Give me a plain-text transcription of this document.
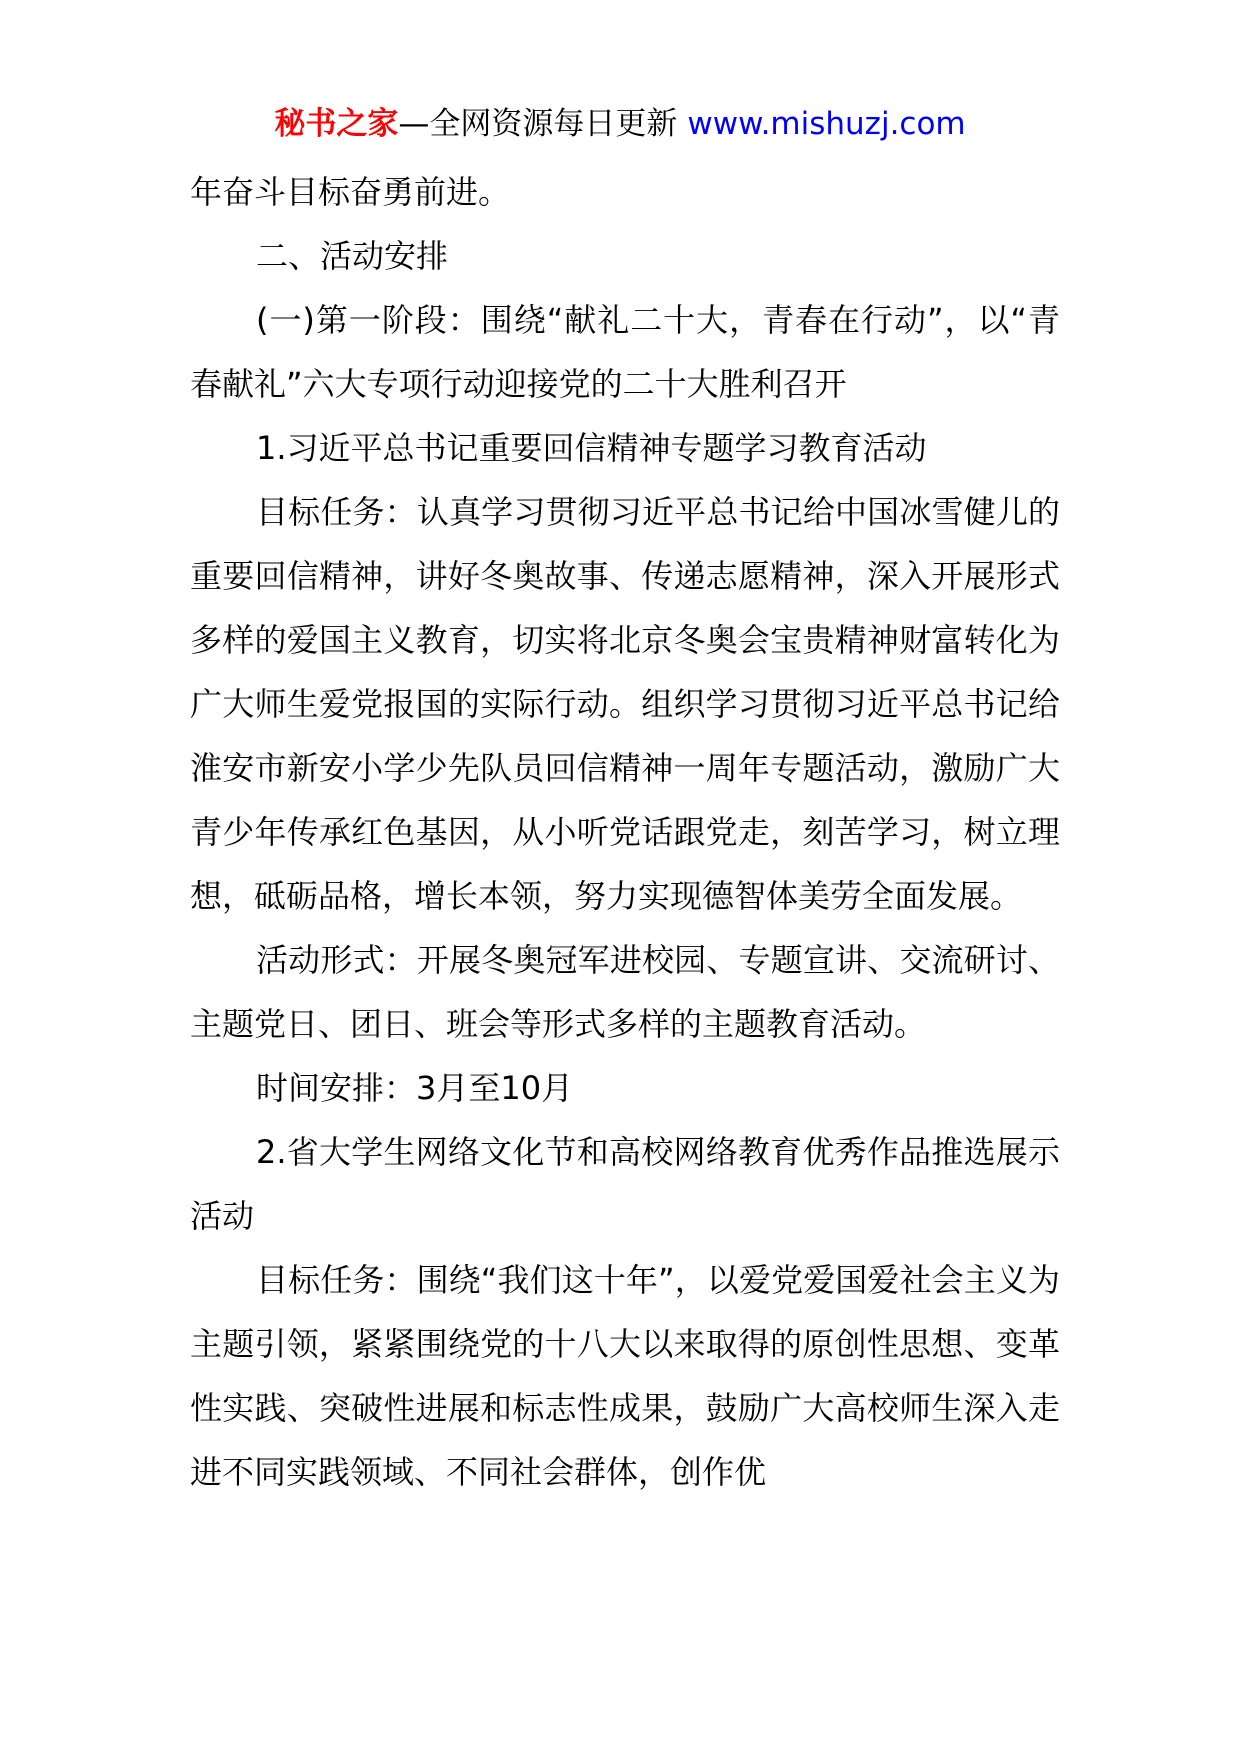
秘书之家—全网资源每日更新 www.mishuzj.com

年奋斗目标奋勇前进。

二、活动安排

(一)第一阶段：围绕“献礼二十大，青春在行动”，以“青春献礼”六大专项行动迎接党的二十大胜利召开

1.习近平总书记重要回信精神专题学习教育活动

目标任务：认真学习贯彻习近平总书记给中国冰雪健儿的重要回信精神，讲好冬奥故事、传递志愿精神，深入开展形式多样的爱国主义教育，切实将北京冬奥会宝贵精神财富转化为广大师生爱党报国的实际行动。组织学习贯彻习近平总书记给淮安市新安小学少先队员回信精神一周年专题活动，激励广大青少年传承红色基因，从小听党话跟党走，刻苦学习，树立理想，砥砺品格，增长本领，努力实现德智体美劳全面发展。

活动形式：开展冬奥冠军进校园、专题宣讲、交流研讨、主题党日、团日、班会等形式多样的主题教育活动。

时间安排：3月至10月

2.省大学生网络文化节和高校网络教育优秀作品推选展示活动

目标任务：围绕“我们这十年”，以爱党爱国爱社会主义为主题引领，紧紧围绕党的十八大以来取得的原创性思想、变革性实践、突破性进展和标志性成果，鼓励广大高校师生深入走进不同实践领域、不同社会群体，创作优
